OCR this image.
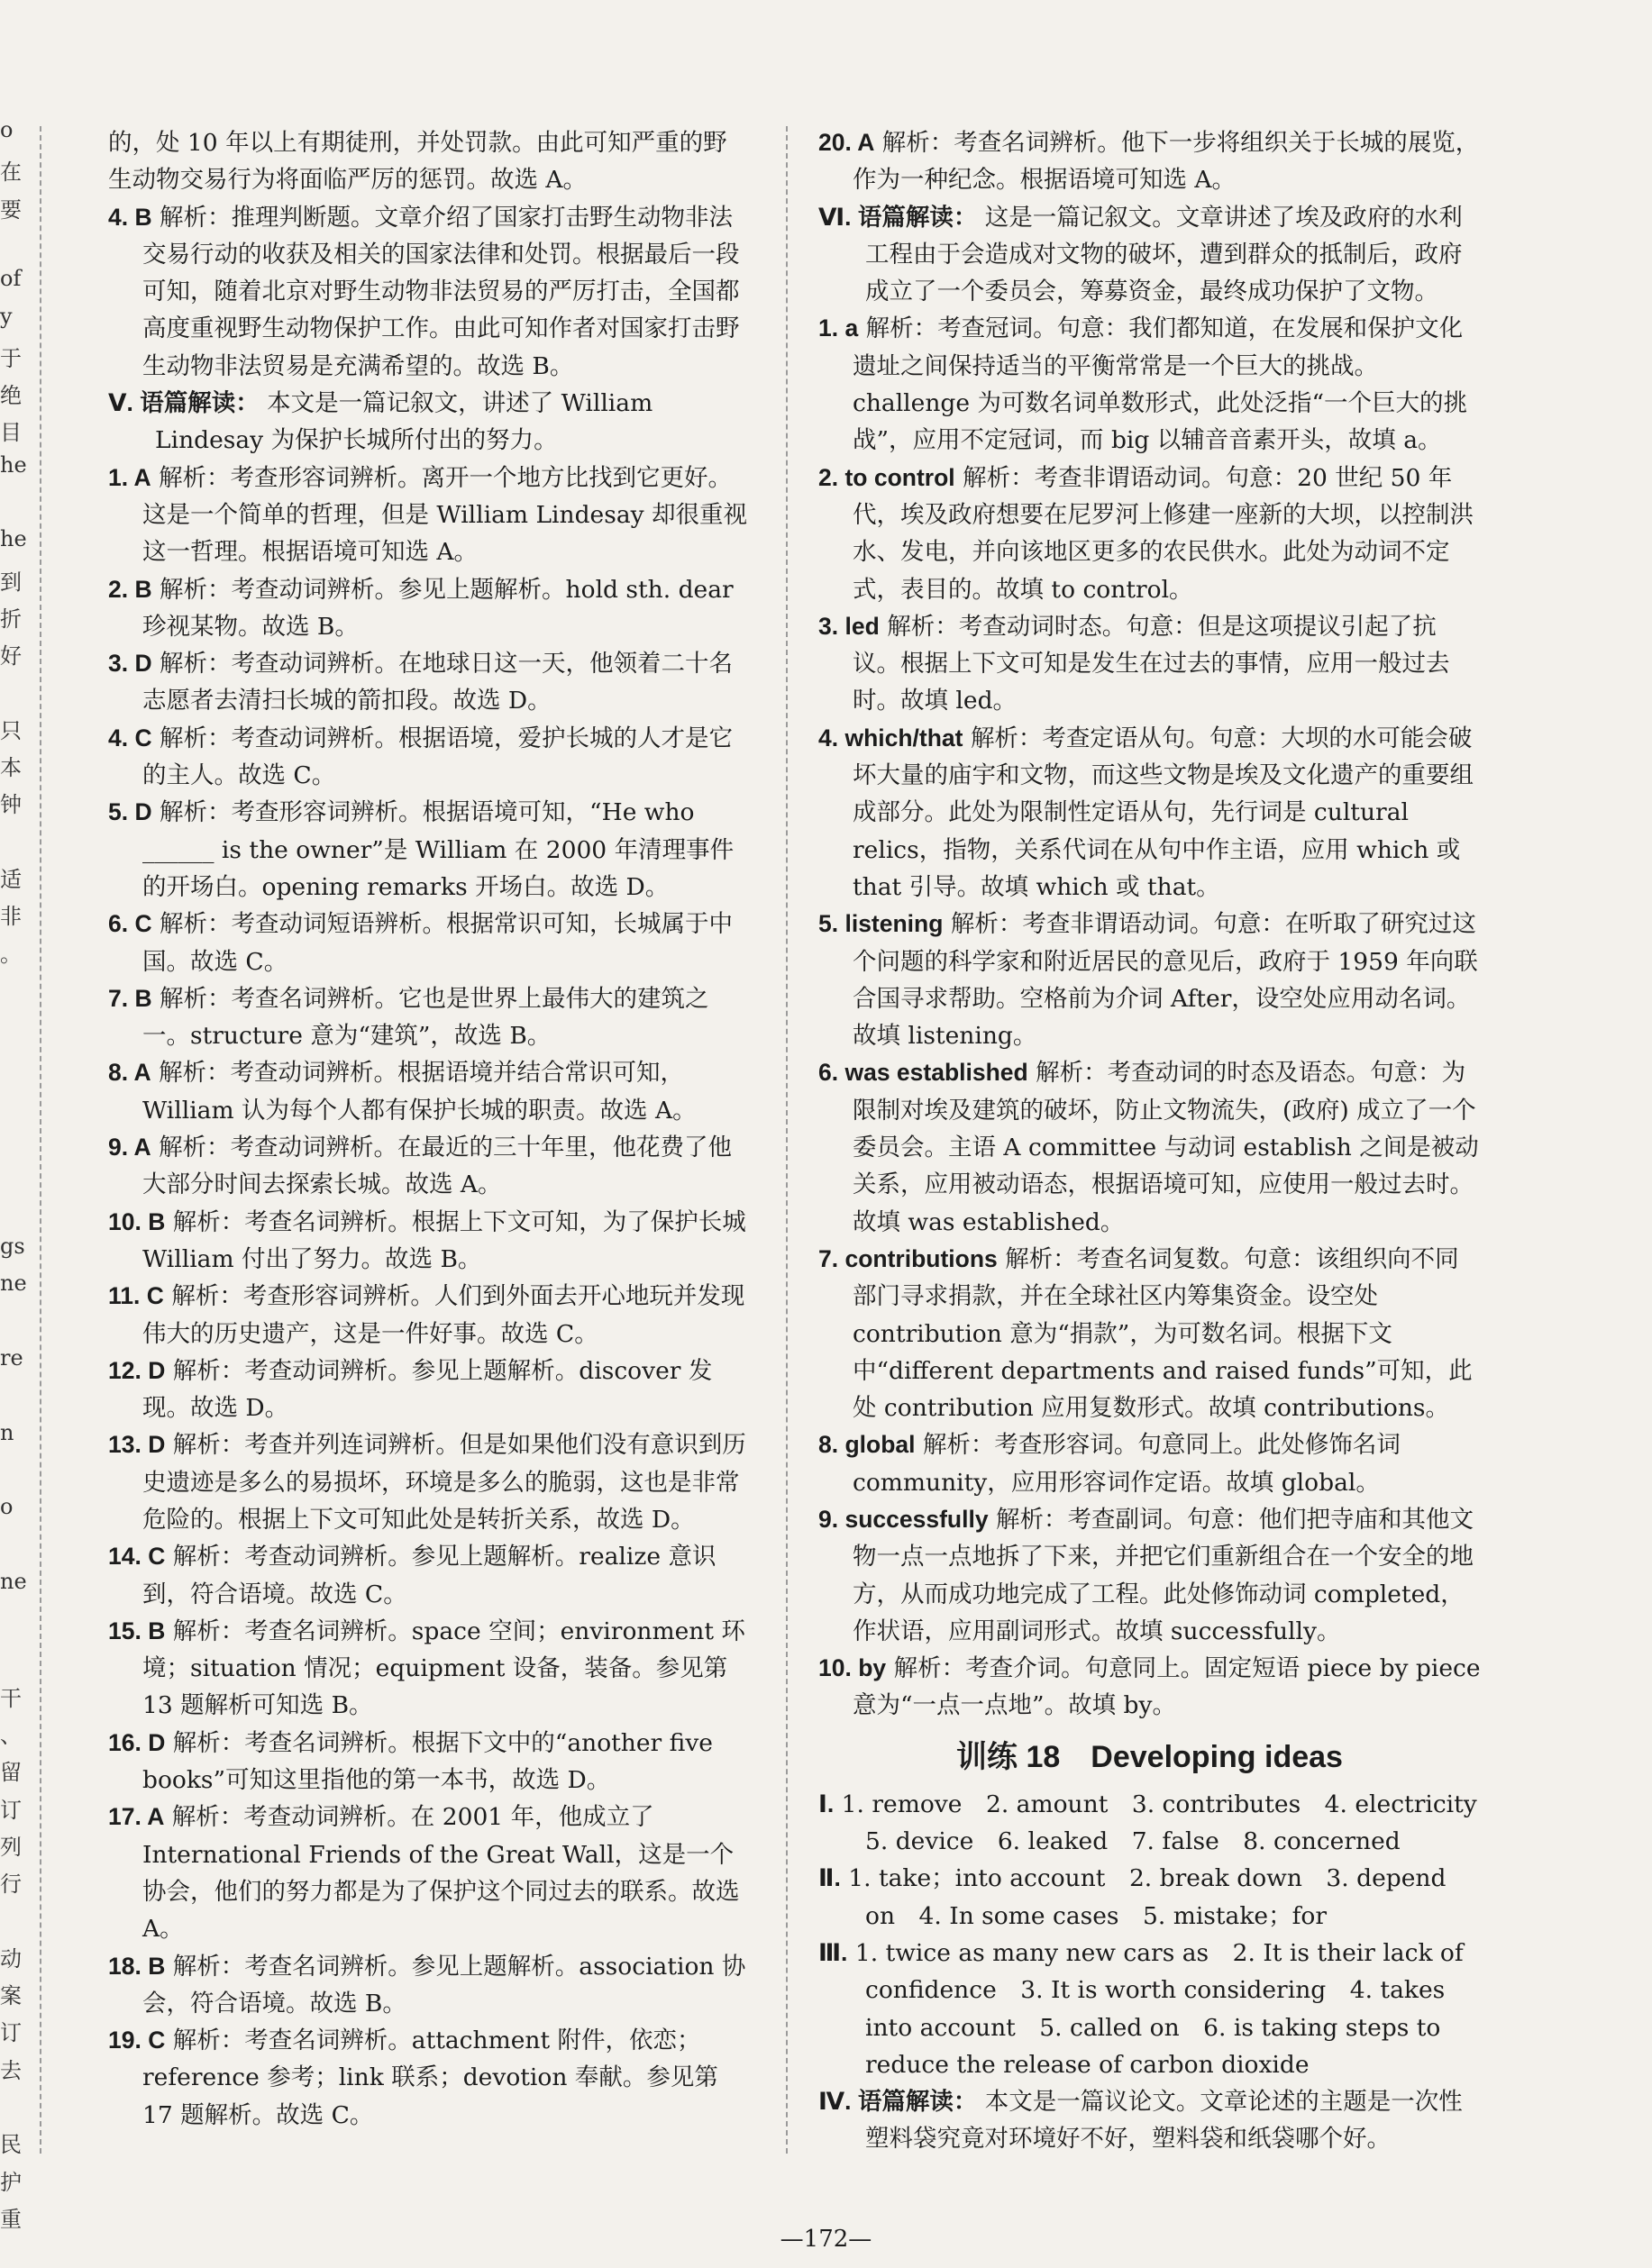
o
在
要
of
y
于
绝
目
he
he
到
折
好
只
本
钟
适
非
。
gs
ne
re
n
o
ne
干
、
留
订
列
行
动
案
订
去
民
护
重

的，处 10 年以上有期徒刑，并处罚款。由此可知严重的野生动物交易行为将面临严厉的惩罚。故选 A。

4. B 解析：推理判断题。文章介绍了国家打击野生动物非法交易行动的收获及相关的国家法律和处罚。根据最后一段可知，随着北京对野生动物非法贸易的严厉打击，全国都高度重视野生动物保护工作。由此可知作者对国家打击野生动物非法贸易是充满希望的。故选 B。

Ⅴ. 语篇解读： 本文是一篇记叙文，讲述了 William Lindesay 为保护长城所付出的努力。

1. A 解析：考查形容词辨析。离开一个地方比找到它更好。这是一个简单的哲理，但是 William Lindesay 却很重视这一哲理。根据语境可知选 A。

2. B 解析：考查动词辨析。参见上题解析。hold sth. dear 珍视某物。故选 B。

3. D 解析：考查动词辨析。在地球日这一天，他领着二十名志愿者去清扫长城的箭扣段。故选 D。

4. C 解析：考查动词辨析。根据语境，爱护长城的人才是它的主人。故选 C。

5. D 解析：考查形容词辨析。根据语境可知，“He who ______ is the owner”是 William 在 2000 年清理事件的开场白。opening remarks 开场白。故选 D。

6. C 解析：考查动词短语辨析。根据常识可知，长城属于中国。故选 C。

7. B 解析：考查名词辨析。它也是世界上最伟大的建筑之一。structure 意为“建筑”，故选 B。

8. A 解析：考查动词辨析。根据语境并结合常识可知，William 认为每个人都有保护长城的职责。故选 A。

9. A 解析：考查动词辨析。在最近的三十年里，他花费了他大部分时间去探索长城。故选 A。

10. B 解析：考查名词辨析。根据上下文可知，为了保护长城 William 付出了努力。故选 B。

11. C 解析：考查形容词辨析。人们到外面去开心地玩并发现伟大的历史遗产，这是一件好事。故选 C。

12. D 解析：考查动词辨析。参见上题解析。discover 发现。故选 D。

13. D 解析：考查并列连词辨析。但是如果他们没有意识到历史遗迹是多么的易损坏，环境是多么的脆弱，这也是非常危险的。根据上下文可知此处是转折关系，故选 D。

14. C 解析：考查动词辨析。参见上题解析。realize 意识到，符合语境。故选 C。

15. B 解析：考查名词辨析。space 空间；environment 环境；situation 情况；equipment 设备，装备。参见第 13 题解析可知选 B。

16. D 解析：考查名词辨析。根据下文中的“another five books”可知这里指他的第一本书，故选 D。

17. A 解析：考查动词辨析。在 2001 年，他成立了 International Friends of the Great Wall，这是一个协会，他们的努力都是为了保护这个同过去的联系。故选 A。

18. B 解析：考查名词辨析。参见上题解析。association 协会，符合语境。故选 B。

19. C 解析：考查名词辨析。attachment 附件，依恋；reference 参考；link 联系；devotion 奉献。参见第 17 题解析。故选 C。

20. A 解析：考查名词辨析。他下一步将组织关于长城的展览，作为一种纪念。根据语境可知选 A。

Ⅵ. 语篇解读： 这是一篇记叙文。文章讲述了埃及政府的水利工程由于会造成对文物的破坏，遭到群众的抵制后，政府成立了一个委员会，筹募资金，最终成功保护了文物。

1. a 解析：考查冠词。句意：我们都知道，在发展和保护文化遗址之间保持适当的平衡常常是一个巨大的挑战。challenge 为可数名词单数形式，此处泛指“一个巨大的挑战”，应用不定冠词，而 big 以辅音音素开头，故填 a。

2. to control 解析：考查非谓语动词。句意：20 世纪 50 年代，埃及政府想要在尼罗河上修建一座新的大坝，以控制洪水、发电，并向该地区更多的农民供水。此处为动词不定式，表目的。故填 to control。

3. led 解析：考查动词时态。句意：但是这项提议引起了抗议。根据上下文可知是发生在过去的事情，应用一般过去时。故填 led。

4. which/that 解析：考查定语从句。句意：大坝的水可能会破坏大量的庙宇和文物，而这些文物是埃及文化遗产的重要组成部分。此处为限制性定语从句，先行词是 cultural relics，指物，关系代词在从句中作主语，应用 which 或 that 引导。故填 which 或 that。

5. listening 解析：考查非谓语动词。句意：在听取了研究过这个问题的科学家和附近居民的意见后，政府于 1959 年向联合国寻求帮助。空格前为介词 After，设空处应用动名词。故填 listening。

6. was established 解析：考查动词的时态及语态。句意：为限制对埃及建筑的破坏，防止文物流失，(政府) 成立了一个委员会。主语 A committee 与动词 establish 之间是被动关系，应用被动语态，根据语境可知，应使用一般过去时。故填 was established。

7. contributions 解析：考查名词复数。句意：该组织向不同部门寻求捐款，并在全球社区内筹集资金。设空处 contribution 意为“捐款”，为可数名词。根据下文中“different departments and raised funds”可知，此处 contribution 应用复数形式。故填 contributions。

8. global 解析：考查形容词。句意同上。此处修饰名词 community，应用形容词作定语。故填 global。

9. successfully 解析：考查副词。句意：他们把寺庙和其他文物一点一点地拆了下来，并把它们重新组合在一个安全的地方，从而成功地完成了工程。此处修饰动词 completed，作状语，应用副词形式。故填 successfully。

10. by 解析：考查介词。句意同上。固定短语 piece by piece 意为“一点一点地”。故填 by。

训练 18　Developing ideas

Ⅰ. 1. remove　2. amount　3. contributes　4. electricity　5. device　6. leaked　7. false　8. concerned

Ⅱ. 1. take；into account　2. break down　3. depend on　4. In some cases　5. mistake；for

Ⅲ. 1. twice as many new cars as　2. It is their lack of confidence　3. It is worth considering　4. takes into account　5. called on　6. is taking steps to reduce the release of carbon dioxide

Ⅳ. 语篇解读： 本文是一篇议论文。文章论述的主题是一次性塑料袋究竟对环境好不好，塑料袋和纸袋哪个好。

—172—
